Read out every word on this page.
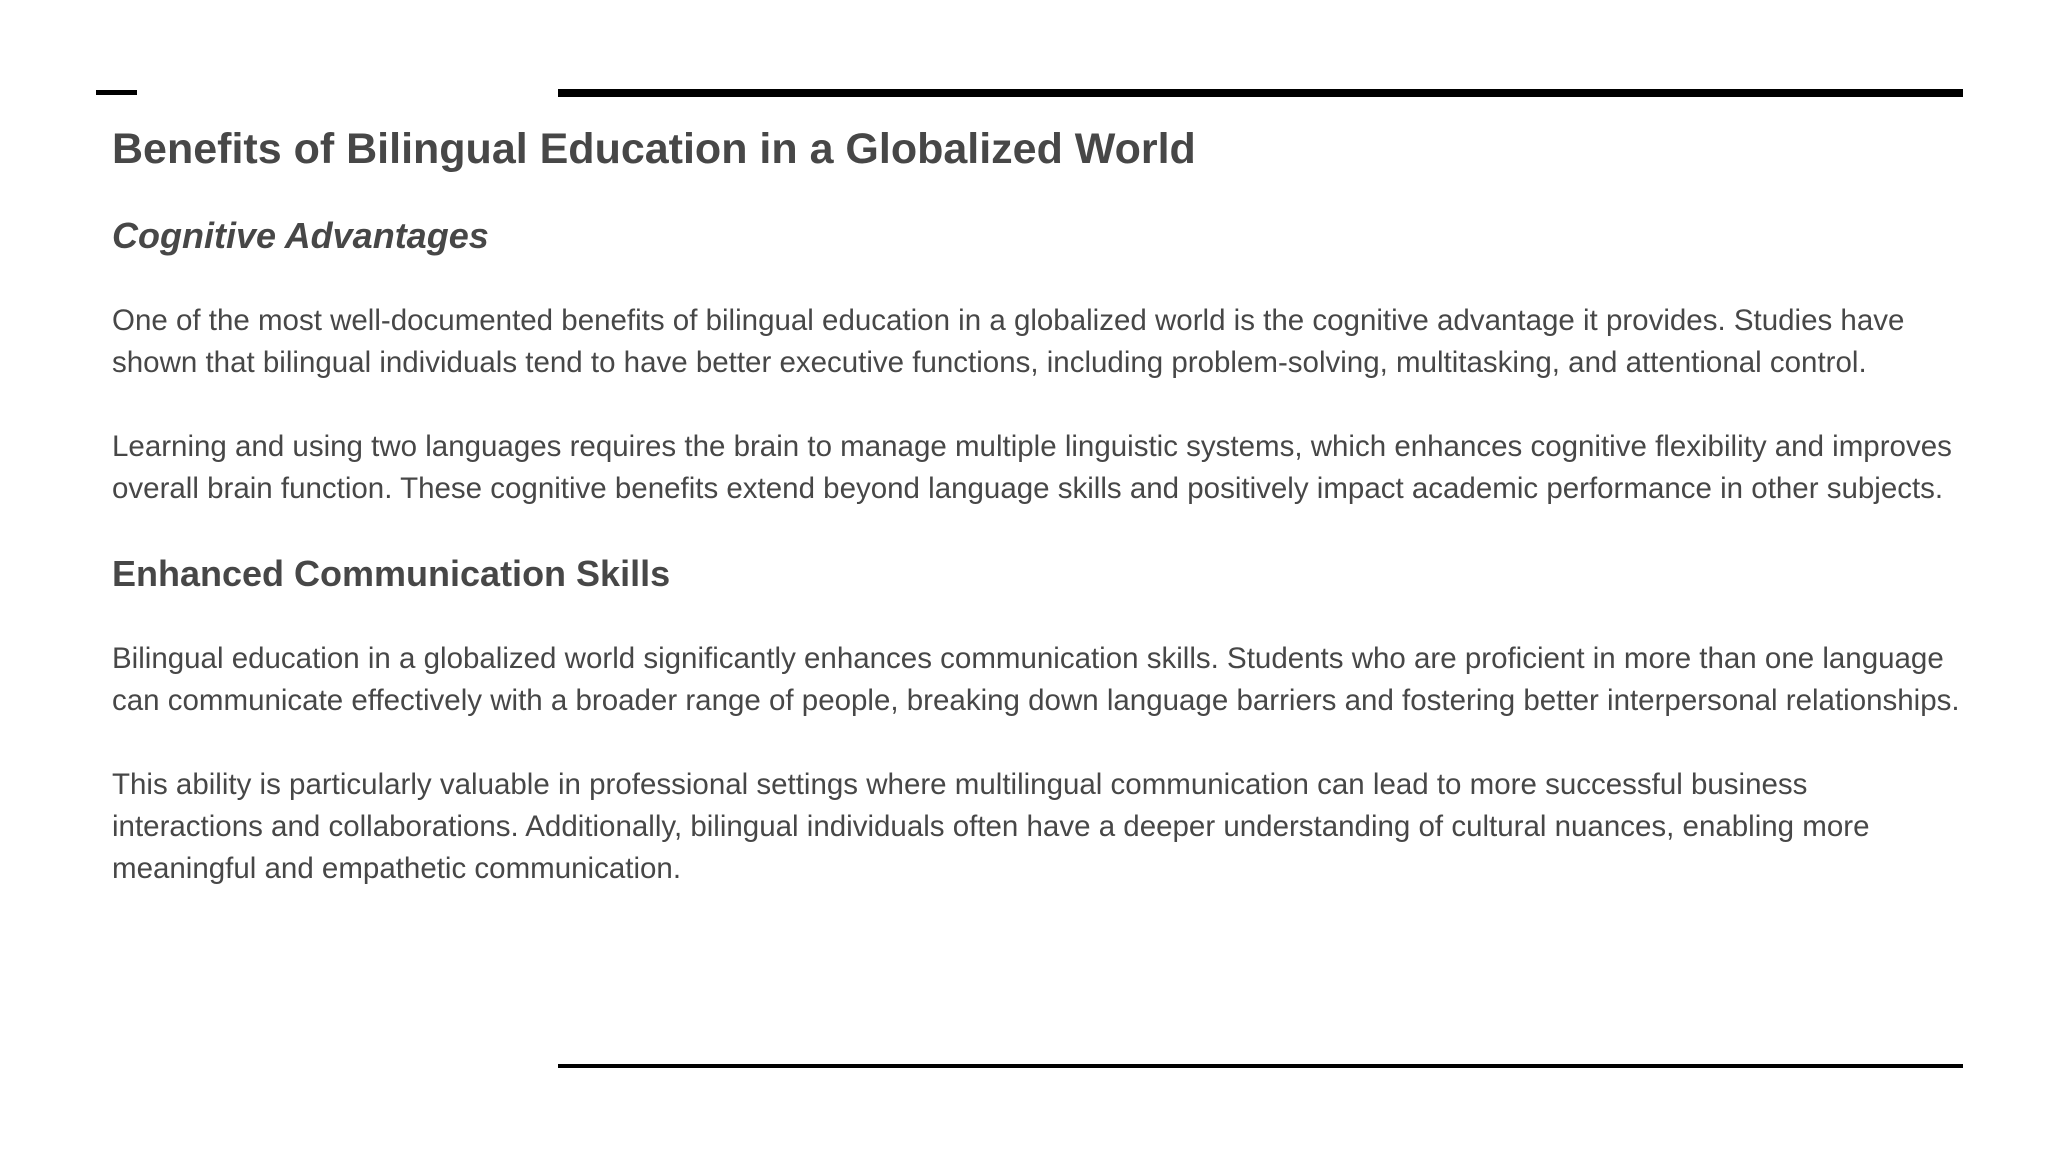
Benefits of Bilingual Education in a Globalized World
Cognitive Advantages

One of the most well-documented benefits of bilingual education in a globalized world is the cognitive advantage it provides. Studies have shown that bilingual individuals tend to have better executive functions, including problem-solving, multitasking, and attentional control.

Learning and using two languages requires the brain to manage multiple linguistic systems, which enhances cognitive flexibility and improves overall brain function. These cognitive benefits extend beyond language skills and positively impact academic performance in other subjects.

Enhanced Communication Skills

Bilingual education in a globalized world significantly enhances communication skills. Students who are proficient in more than one language can communicate effectively with a broader range of people, breaking down language barriers and fostering better interpersonal relationships.

This ability is particularly valuable in professional settings where multilingual communication can lead to more successful business interactions and collaborations. Additionally, bilingual individuals often have a deeper understanding of cultural nuances, enabling more meaningful and empathetic communication.
